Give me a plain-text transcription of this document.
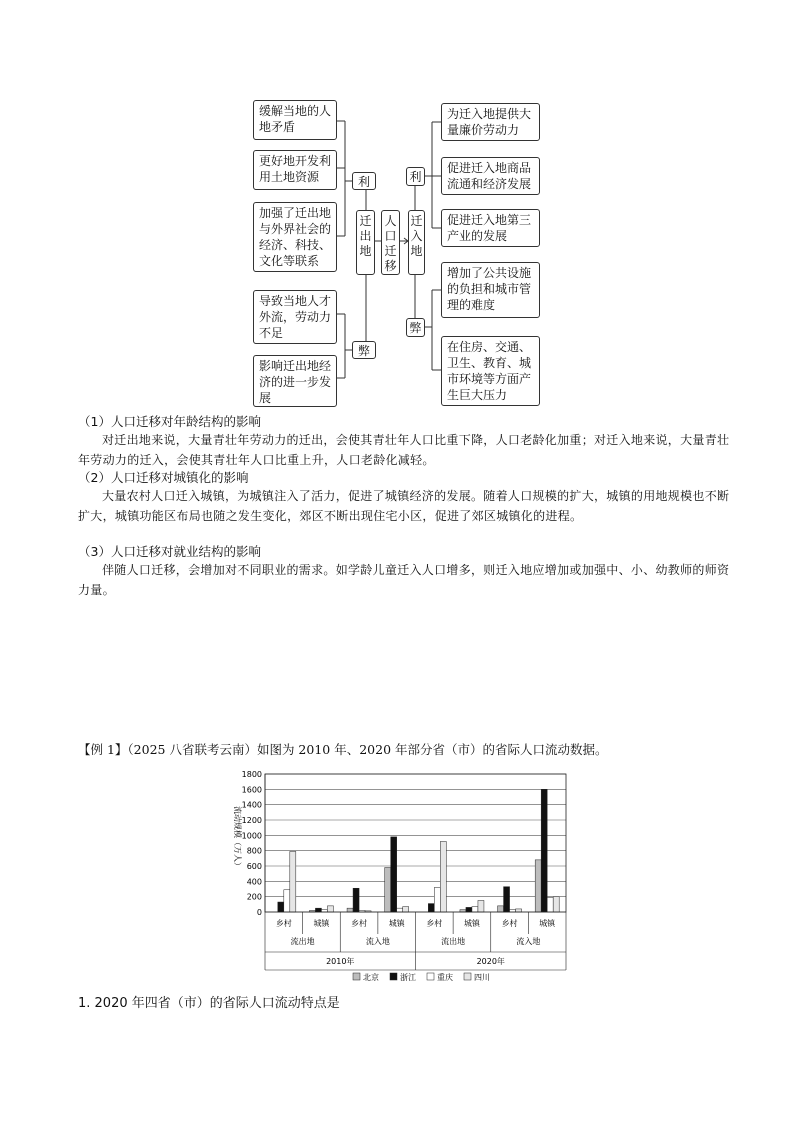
缓解当地的人地矛盾
更好地开发利用土地资源
加强了迁出地与外界社会的经济、科技、文化等联系
导致当地人才外流，劳动力不足
影响迁出地经济的进一步发展
利
弊
迁出地
人口迁移
迁入地
利
弊
为迁入地提供大量廉价劳动力
促进迁入地商品流通和经济发展
促进迁入地第三产业的发展
增加了公共设施的负担和城市管理的难度
在住房、交通、卫生、教育、城市环境等方面产生巨大压力
（1）人口迁移对年龄结构的影响
对迁出地来说，大量青壮年劳动力的迁出，会使其青壮年人口比重下降，人口老龄化加重；对迁入地来说，大量青壮年劳动力的迁入，会使其青壮年人口比重上升，人口老龄化减轻。
（2）人口迁移对城镇化的影响
大量农村人口迁入城镇，为城镇注入了活力，促进了城镇经济的发展。随着人口规模的扩大，城镇的用地规模也不断扩大，城镇功能区布局也随之发生变化，郊区不断出现住宅小区，促进了郊区城镇化的进程。
（3）人口迁移对就业结构的影响
伴随人口迁移，会增加对不同职业的需求。如学龄儿童迁入人口增多，则迁入地应增加或加强中、小、幼教师的师资力量。
【例 1】（2025 八省联考云南）如图为 2010 年、2020 年部分省（市）的省际人口流动数据。
流动规模（万人）
0
200
400
600
800
1000
1200
1400
1600
1800
乡村	城镇	乡村	城镇	乡村	城镇	乡村	城镇
流出地	流入地	流出地	流入地
2010年	2020年
北京	浙江	重庆	四川
1. 2020 年四省（市）的省际人口流动特点是
